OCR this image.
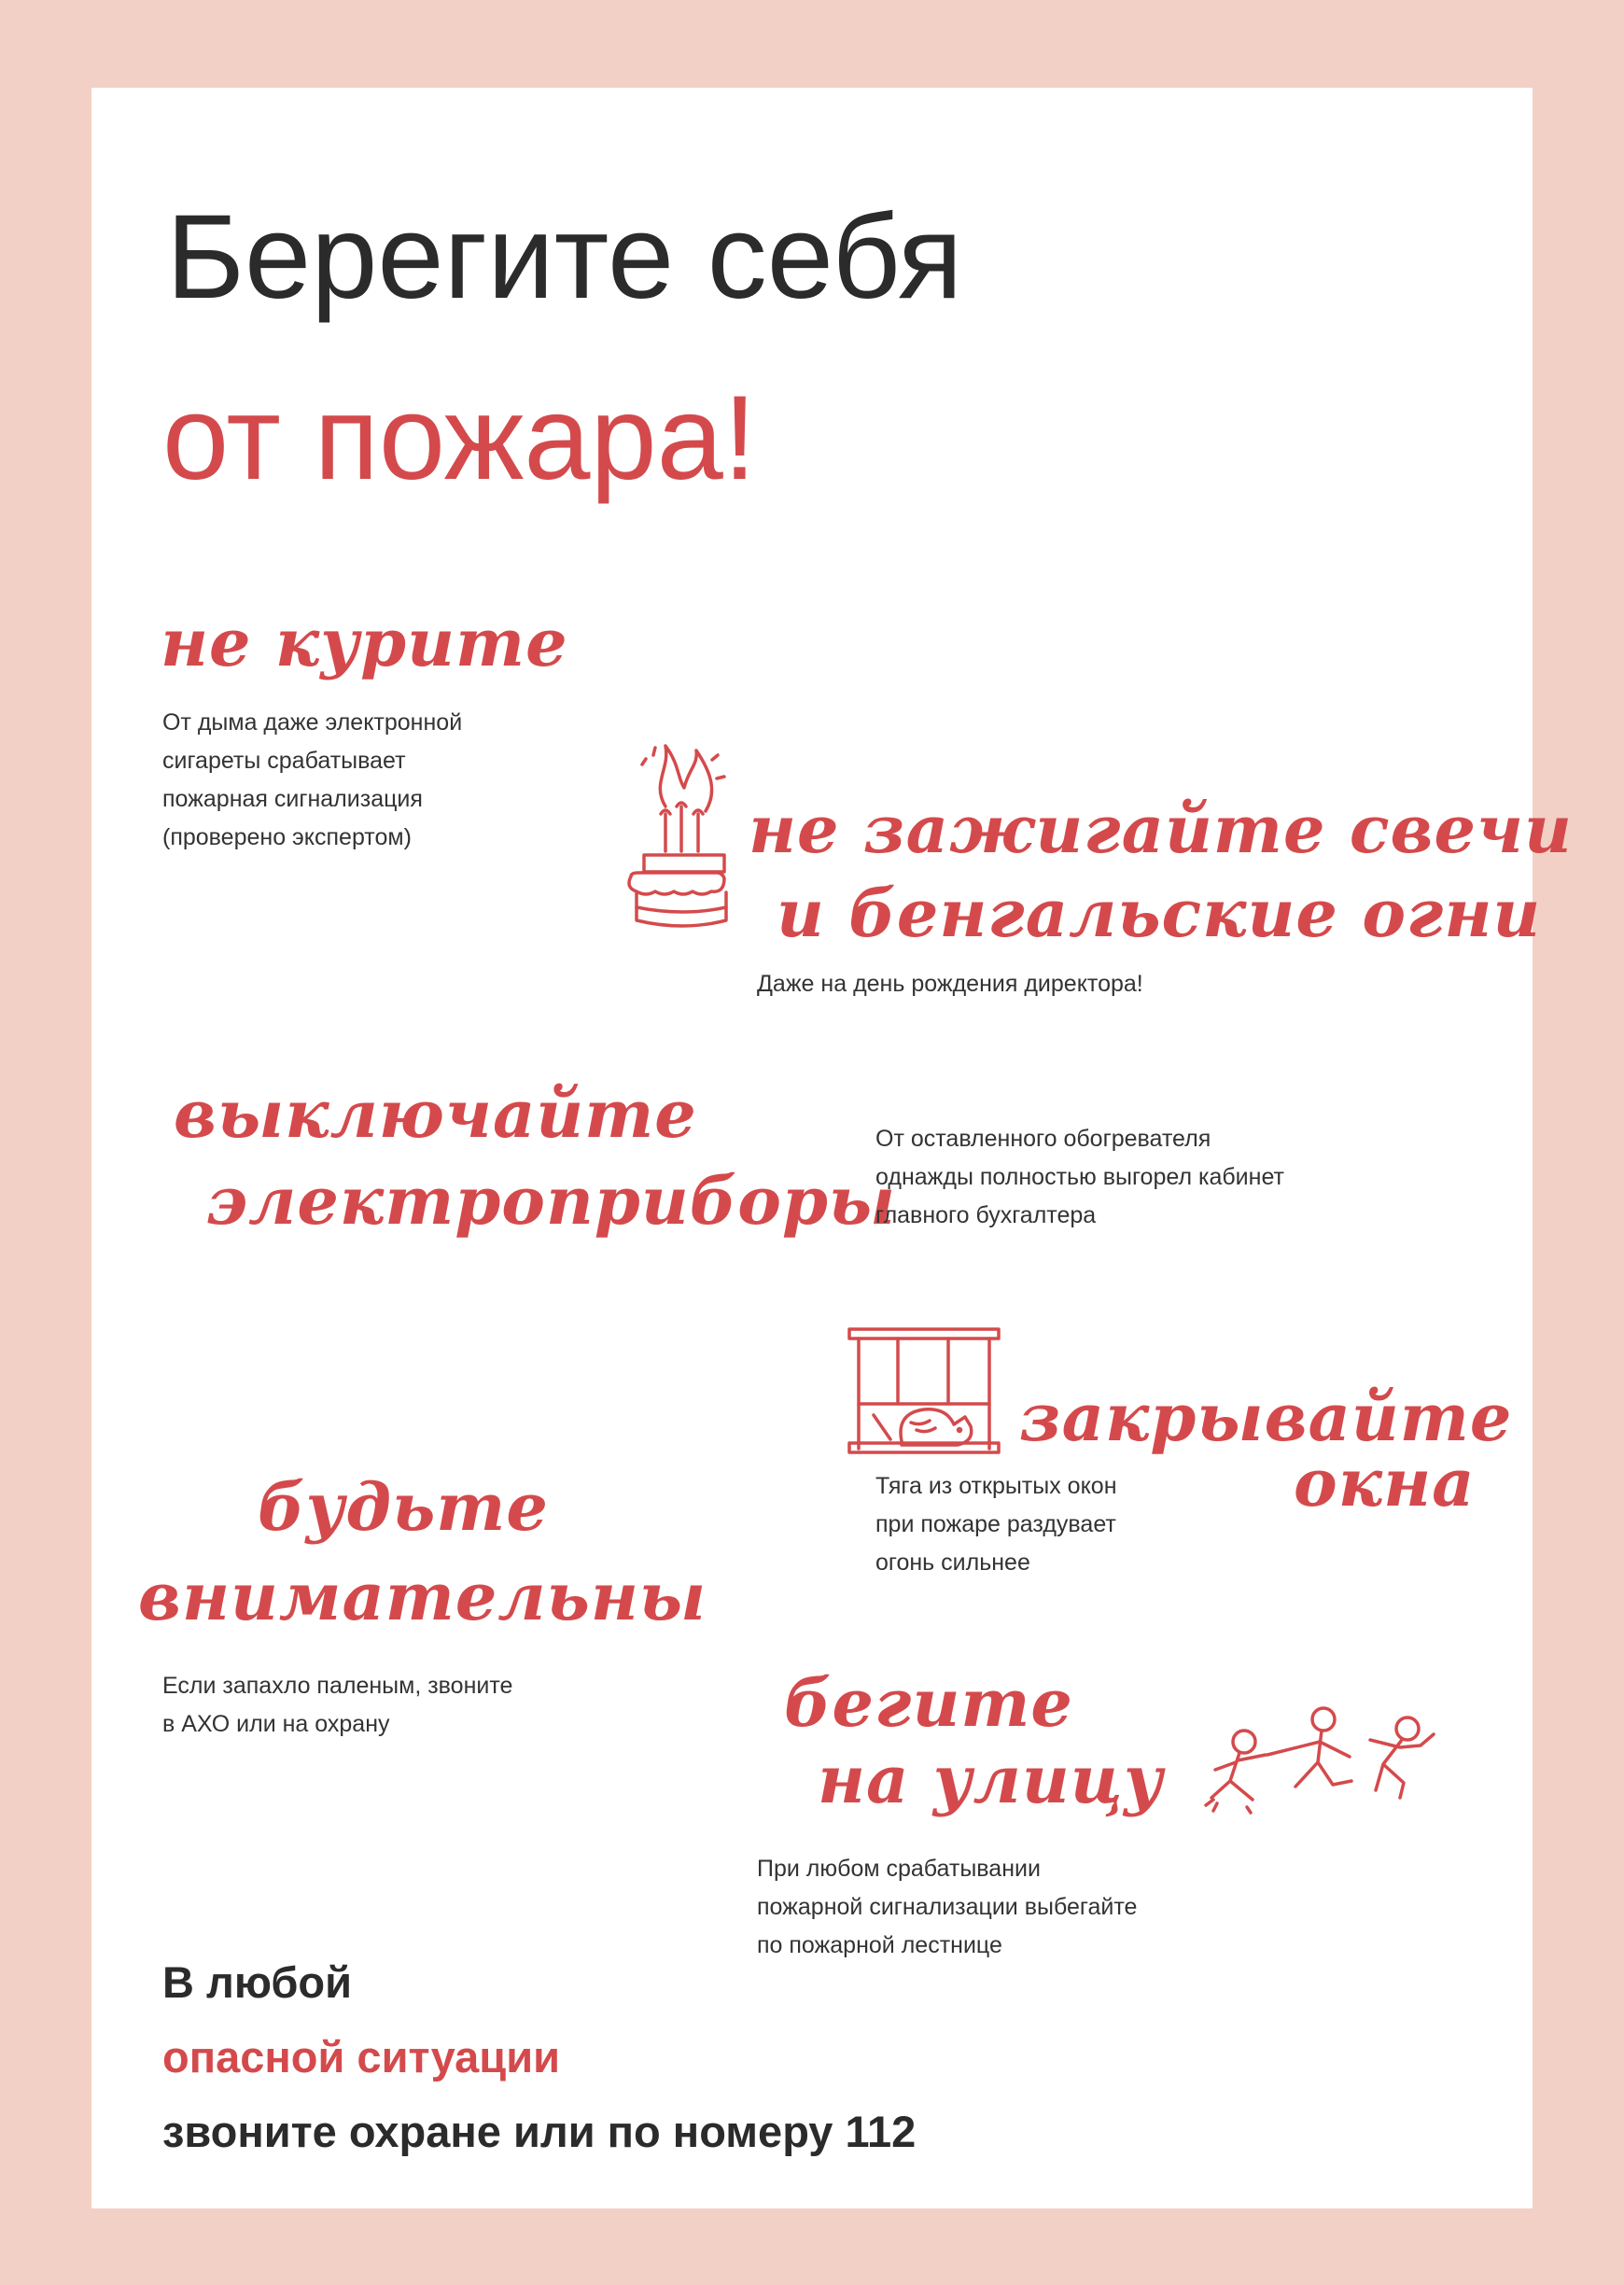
Берегите себя
от пожара!
не курите
От дыма даже электронной
сигареты срабатывает
пожарная сигнализация
(проверено экспертом)	не зажигайте свечи
и бенгальские огни
Даже на день рождения директора!
выключайте
электроприборы
От оставленного обогревателя
однажды полностью выгорел кабинет
главного бухгалтера
закрывайте
окна
Тяга из открытых окон
при пожаре раздувает
огонь сильнее
будьте
внимательны
Если запахло паленым, звоните
в АХО или на охрану	бегите
на улицу
При любом срабатывании
пожарной сигнализации выбегайте
по пожарной лестнице
В любой
опасной ситуации
звоните охране или по номеру 112
